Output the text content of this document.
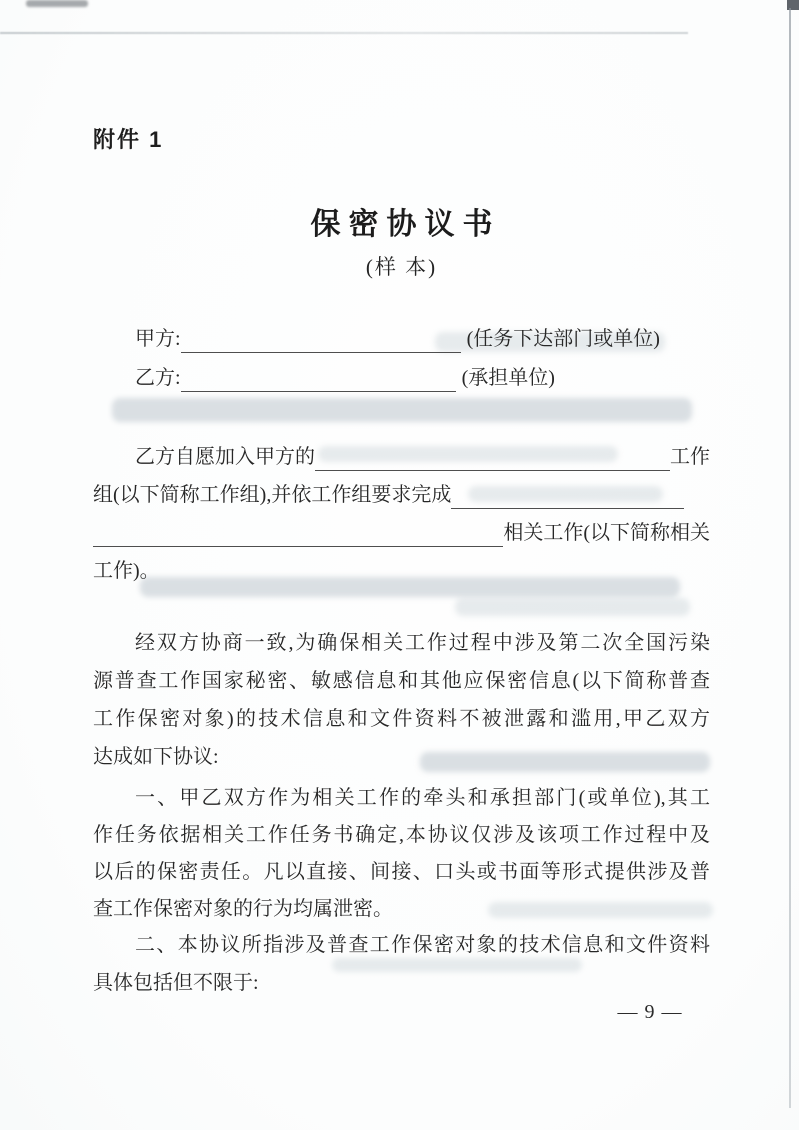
附件 1
保密协议书
(样 本)
— 9 —
甲方:	(任务下达部门或单位)
乙方:	(承担单位)
乙方自愿加入甲方的	工作
组(以下简称工作组),并依工作组要求完成
相关工作(以下简称相关
工作)。
经双方协商一致,为确保相关工作过程中涉及第二次全国污染
源普查工作国家秘密、敏感信息和其他应保密信息(以下简称普查
工作保密对象)的技术信息和文件资料不被泄露和滥用,甲乙双方
达成如下协议:
一、甲乙双方作为相关工作的牵头和承担部门(或单位),其工
作任务依据相关工作任务书确定,本协议仅涉及该项工作过程中及
以后的保密责任。凡以直接、间接、口头或书面等形式提供涉及普
查工作保密对象的行为均属泄密。
二、本协议所指涉及普查工作保密对象的技术信息和文件资料
具体包括但不限于:
